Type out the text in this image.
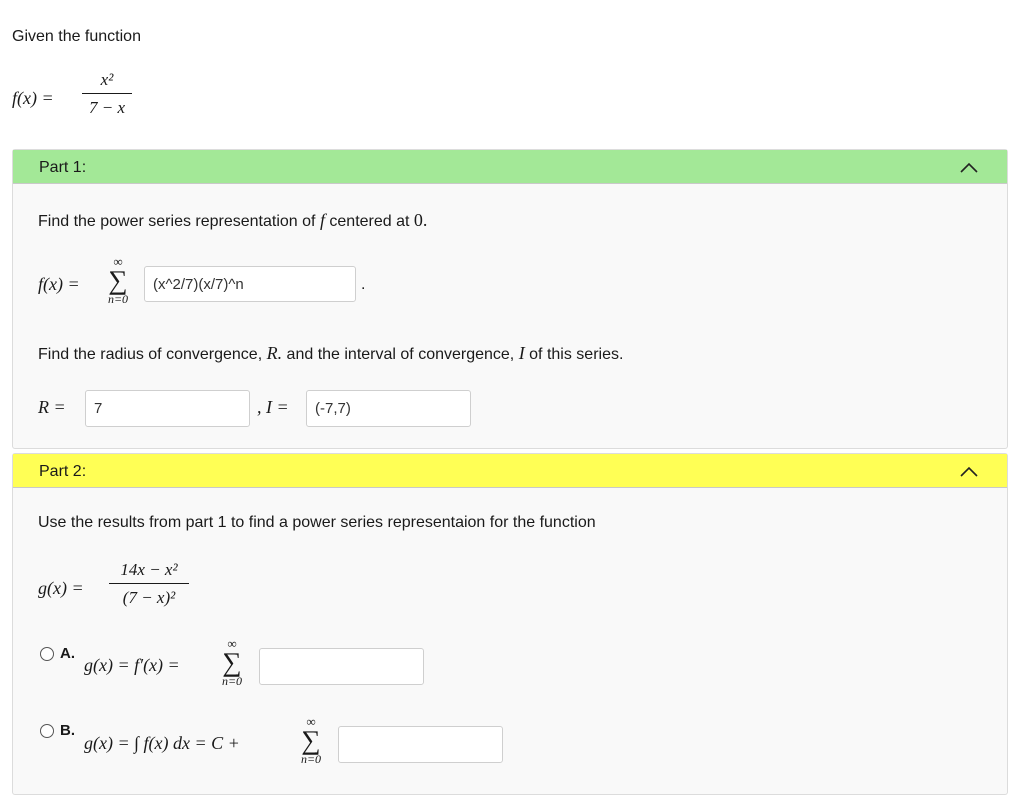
Given the function
f(x) =
x²
7 − x
Part 1:
Find the power series representation of f centered at 0.
f(x) =
∞
∑
n=0
(x^2/7)(x/7)^n
.
Find the radius of convergence, R. and the interval of convergence, I of this series.
R =
7	, I =
(-7,7)
Part 2:
Use the results from part 1 to find a power series representaion for the function
g(x) =
14x − x²
(7 − x)²
A.
g(x) = f′(x) =
∞
∑
n=0
B.
g(x) = ∫ f(x) dx = C +
∞
∑
n=0
